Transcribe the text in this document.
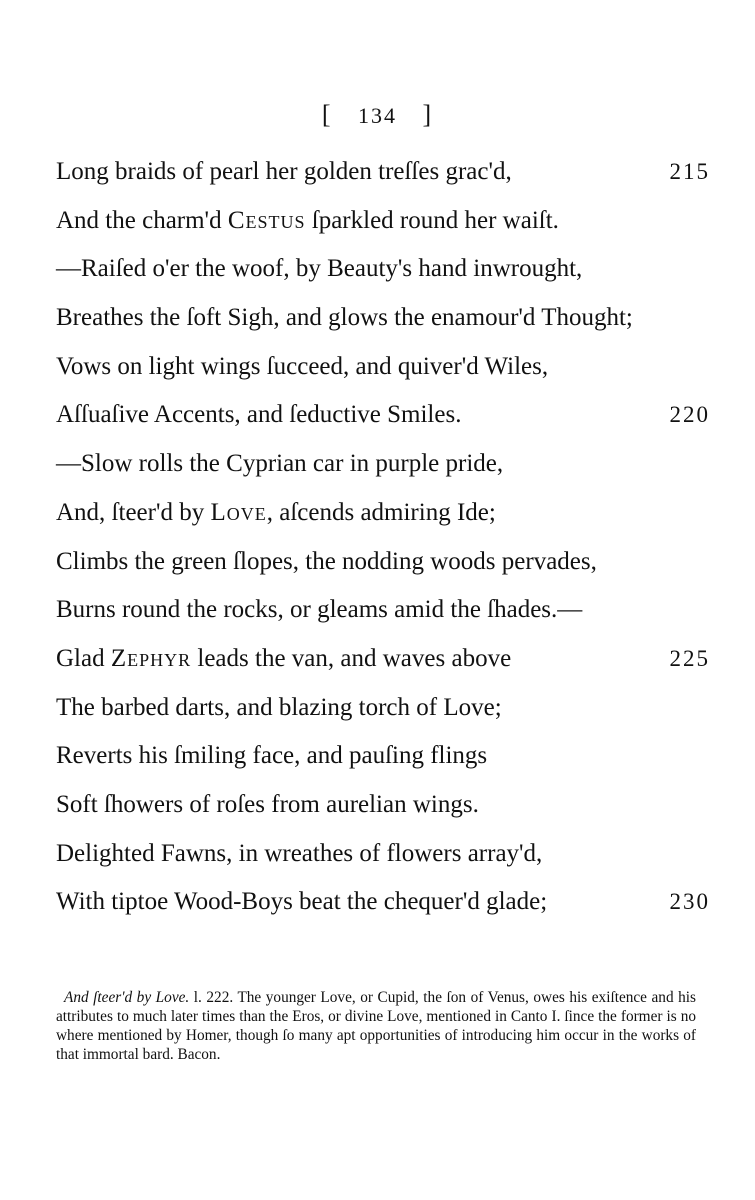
[ 134 ]
Long braids of pearl her golden treſſes grac'd,	215
And the charm'd Cestus ſparkled round her waiſt.
—Raiſed o'er the woof, by Beauty's hand inwrought,
Breathes the ſoft Sigh, and glows the enamour'd Thought;
Vows on light wings ſucceed, and quiver'd Wiles,
Aſſuaſive Accents, and ſeductive Smiles.	220
—Slow rolls the Cyprian car in purple pride,
And, ſteer'd by Love, aſcends admiring Ide;
Climbs the green ſlopes, the nodding woods pervades,
Burns round the rocks, or gleams amid the ſhades.—
Glad Zephyr leads the van, and waves above	225
The barbed darts, and blazing torch of Love;
Reverts his ſmiling face, and pauſing flings
Soft ſhowers of roſes from aurelian wings.
Delighted Fawns, in wreathes of flowers array'd,
With tiptoe Wood-Boys beat the chequer'd glade;	230
And ſteer'd by Love. l. 222. The younger Love, or Cupid, the ſon of Venus, owes his exiſtence and his attributes to much later times than the Eros, or divine Love, mentioned in Canto I. ſince the former is no where mentioned by Homer, though ſo many apt opportunities of introducing him occur in the works of that immortal bard. Bacon.
